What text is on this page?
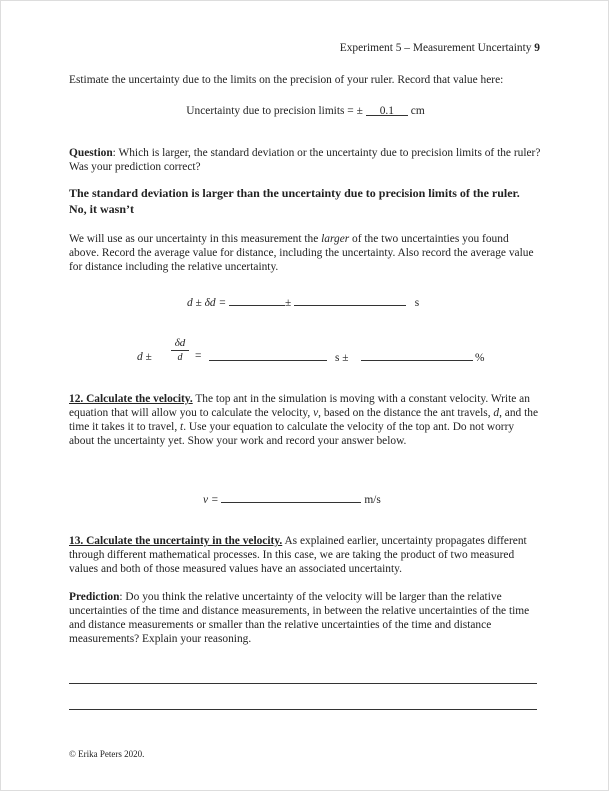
Experiment 5 – Measurement Uncertainty 9
Estimate the uncertainty due to the limits on the precision of your ruler. Record that value here:
Uncertainty due to precision limits = ± 0.1 cm
Question: Which is larger, the standard deviation or the uncertainty due to precision limits of the ruler? Was your prediction correct?
The standard deviation is larger than the uncertainty due to precision limits of the ruler.
No, it wasn’t
We will use as our uncertainty in this measurement the larger of the two uncertainties you found above. Record the average value for distance, including the uncertainty. Also record the average value for distance including the relative uncertainty.
d ± δd =	±	s
d ±
δd
d	=	s ±	%
12. Calculate the velocity. The top ant in the simulation is moving with a constant velocity. Write an equation that will allow you to calculate the velocity, v, based on the distance the ant travels, d, and the time it takes it to travel, t. Use your equation to calculate the velocity of the top ant. Do not worry about the uncertainty yet. Show your work and record your answer below.
v =	m/s
13. Calculate the uncertainty in the velocity. As explained earlier, uncertainty propagates different through different mathematical processes. In this case, we are taking the product of two measured values and both of those measured values have an associated uncertainty.
Prediction: Do you think the relative uncertainty of the velocity will be larger than the relative uncertainties of the time and distance measurements, in between the relative uncertainties of the time and distance measurements or smaller than the relative uncertainties of the time and distance measurements? Explain your reasoning.
© Erika Peters 2020.
